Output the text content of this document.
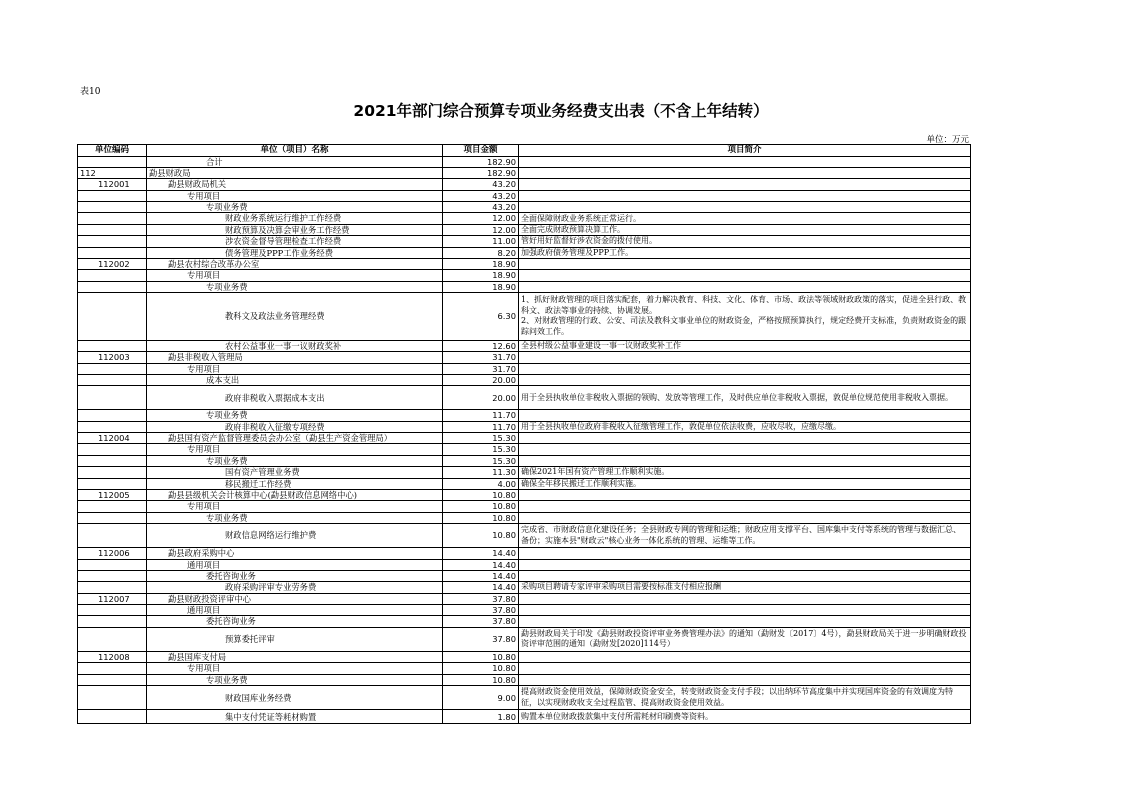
表10
2021年部门综合预算专项业务经费支出表（不含上年结转）
单位：万元
单位编码	单位（项目）名称	项目金额	项目简介
	合计	182.90	
112	勐县财政局	182.90	
112001	勐县财政局机关	43.20	
	专用项目	43.20	
	专项业务费	43.20	
	财政业务系统运行维护工作经费	12.00	全面保障财政业务系统正常运行。
	财政预算及决算会审业务工作经费	12.00	全面完成财政预算决算工作。
	涉农资金督导管理检查工作经费	11.00	管好用好监督好涉农资金的拨付使用。
	债务管理及PPP工作业务经费	8.20	加强政府债务管理及PPP工作。
112002	勐县农村综合改革办公室	18.90	
	专用项目	18.90	
	专项业务费	18.90	
	教科文及政法业务管理经费	6.30	1、抓好财政管理的项目落实配套，着力解决教育、科技、文化、体育、市场、政法等领域财政政策的落实，促进全县行政、教科文、政法等事业的持续、协调发展。
2、对财政管理的行政、公安、司法及教科文事业单位的财政资金，严格按照预算执行，规定经费开支标准，负责财政资金的跟踪问效工作。
	农村公益事业一事一议财政奖补	12.60	全县村级公益事业建设一事一议财政奖补工作
112003	勐县非税收入管理局	31.70	
	专用项目	31.70	
	成本支出	20.00	
	政府非税收入票据成本支出	20.00	用于全县执收单位非税收入票据的领购、发放等管理工作，及时供应单位非税收入票据，敦促单位规范使用非税收入票据。
	专项业务费	11.70	
	政府非税收入征缴专项经费	11.70	用于全县执收单位政府非税收入征缴管理工作，敦促单位依法收费，应收尽收，应缴尽缴。
112004	勐县国有资产监督管理委员会办公室（勐县生产资金管理局）	15.30	
	专用项目	15.30	
	专项业务费	15.30	
	国有资产管理业务费	11.30	确保2021年国有资产管理工作顺利实施。
	移民搬迁工作经费	4.00	确保全年移民搬迁工作顺利实施。
112005	勐县县级机关会计核算中心(勐县财政信息网络中心)	10.80	
	专用项目	10.80	
	专项业务费	10.80	
	财政信息网络运行维护费	10.80	完成省、市财政信息化建设任务；全县财政专网的管理和运维；财政应用支撑平台、国库集中支付等系统的管理与数据汇总、备份；实施本县"财政云"核心业务一体化系统的管理、运维等工作。
112006	勐县政府采购中心	14.40	
	通用项目	14.40	
	委托咨询业务	14.40	
	政府采购评审专业劳务费	14.40	采购项目聘请专家评审采购项目需要按标准支付相应报酬
112007	勐县财政投资评审中心	37.80	
	通用项目	37.80	
	委托咨询业务	37.80	
	预算委托评审	37.80	勐县财政局关于印发《勐县财政投资评审业务费管理办法》的通知（勐财发〔2017〕4号），勐县财政局关于进一步明确财政投资评审范围的通知（勐财发[2020]114号）
112008	勐县国库支付局	10.80	
	专用项目	10.80	
	专项业务费	10.80	
	财政国库业务经费	9.00	提高财政资金使用效益，保障财政资金安全，转变财政资金支付手段；以出纳环节高度集中并实现国库资金的有效调度为特征，以实现财政收支全过程监管、提高财政资金使用效益。
	集中支付凭证等耗材购置	1.80	购置本单位财政拨款集中支付所需耗材印刷费等资料。
